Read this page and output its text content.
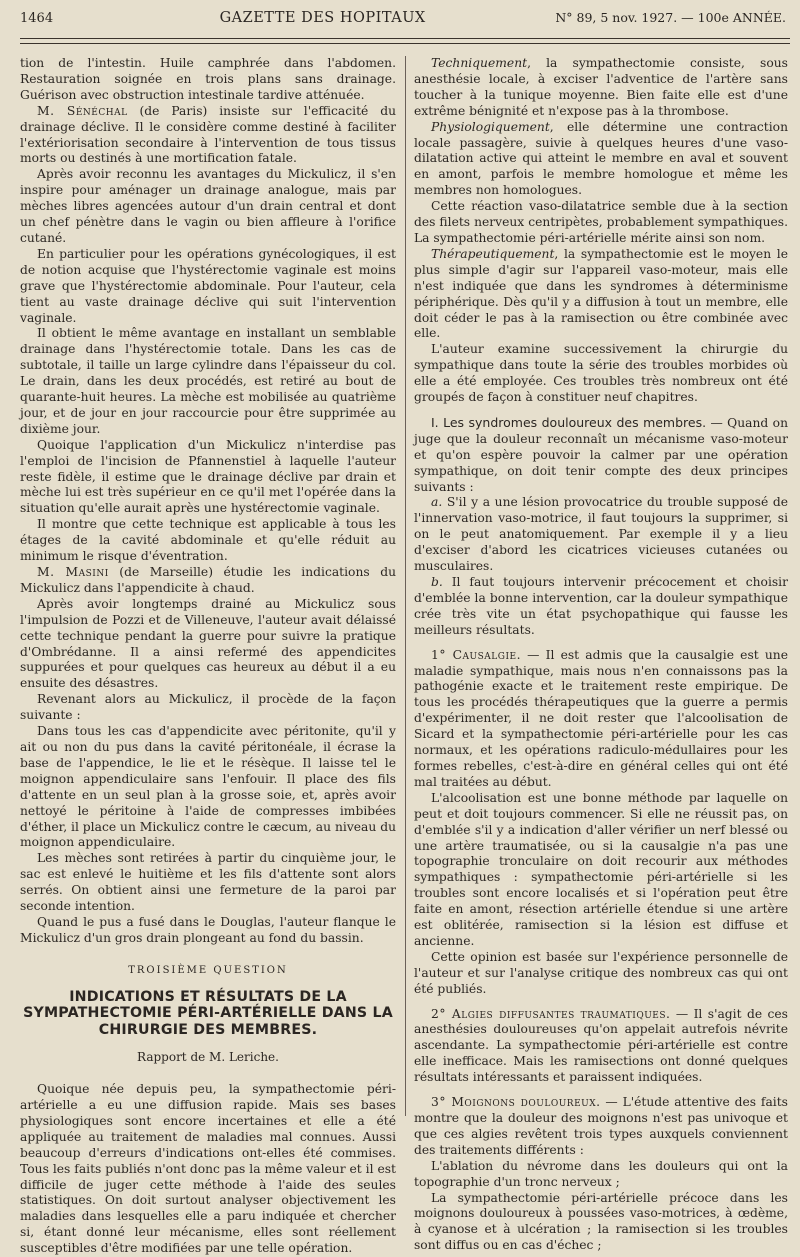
1464	GAZETTE DES HOPITAUX	N° 89, 5 nov. 1927. — 100e ANNÉE.

tion de l'intestin. Huile camphrée dans l'abdomen. Restauration soignée en trois plans sans drainage. Guérison avec obstruction intestinale tardive atténuée.

M. Sénéchal (de Paris) insiste sur l'efficacité du drainage déclive. Il le considère comme destiné à faciliter l'extériorisation secondaire à l'intervention de tous tissus morts ou destinés à une mortification fatale.

Après avoir reconnu les avantages du Mickulicz, il s'en inspire pour aménager un drainage analogue, mais par mèches libres agencées autour d'un drain central et dont un chef pénètre dans le vagin ou bien affleure à l'orifice cutané.

En particulier pour les opérations gynécologiques, il est de notion acquise que l'hystérectomie vaginale est moins grave que l'hystérectomie abdominale. Pour l'auteur, cela tient au vaste drainage déclive qui suit l'intervention vaginale.

Il obtient le même avantage en installant un semblable drainage dans l'hystérectomie totale. Dans les cas de subtotale, il taille un large cylindre dans l'épaisseur du col. Le drain, dans les deux procédés, est retiré au bout de quarante-huit heures. La mèche est mobilisée au quatrième jour, et de jour en jour raccourcie pour être supprimée au dixième jour.

Quoique l'application d'un Mickulicz n'interdise pas l'emploi de l'incision de Pfannenstiel à laquelle l'auteur reste fidèle, il estime que le drainage déclive par drain et mèche lui est très supérieur en ce qu'il met l'opérée dans la situation qu'elle aurait après une hystérectomie vaginale.

Il montre que cette technique est applicable à tous les étages de la cavité abdominale et qu'elle réduit au minimum le risque d'éventration.

M. Masini (de Marseille) étudie les indications du Mickulicz dans l'appendicite à chaud.

Après avoir longtemps drainé au Mickulicz sous l'impulsion de Pozzi et de Villeneuve, l'auteur avait délaissé cette technique pendant la guerre pour suivre la pratique d'Ombrédanne. Il a ainsi refermé des appendicites suppurées et pour quelques cas heureux au début il a eu ensuite des désastres.

Revenant alors au Mickulicz, il procède de la façon suivante :

Dans tous les cas d'appendicite avec péritonite, qu'il y ait ou non du pus dans la cavité péritonéale, il écrase la base de l'appendice, le lie et le résèque. Il laisse tel le moignon appendiculaire sans l'enfouir. Il place des fils d'attente en un seul plan à la grosse soie, et, après avoir nettoyé le péritoine à l'aide de compresses imbibées d'éther, il place un Mickulicz contre le cæcum, au niveau du moignon appendiculaire.

Les mèches sont retirées à partir du cinquième jour, le sac est enlevé le huitième et les fils d'attente sont alors serrés. On obtient ainsi une fermeture de la paroi par seconde intention.

Quand le pus a fusé dans le Douglas, l'auteur flanque le Mickulicz d'un gros drain plongeant au fond du bassin.

TROISIÈME QUESTION
INDICATIONS ET RÉSULTATS DE LA SYMPATHECTOMIE PÉRI-ARTÉRIELLE DANS LA CHIRURGIE DES MEMBRES.
Rapport de M. Leriche.

Quoique née depuis peu, la sympathectomie péri-artérielle a eu une diffusion rapide. Mais ses bases physiologiques sont encore incertaines et elle a été appliquée au traitement de maladies mal connues. Aussi beaucoup d'erreurs d'indications ont-elles été commises. Tous les faits publiés n'ont donc pas la même valeur et il est difficile de juger cette méthode à l'aide des seules statistiques. On doit surtout analyser objectivement les maladies dans lesquelles elle a paru indiquée et chercher si, étant donné leur mécanisme, elles sont réellement susceptibles d'être modifiées par une telle opération.

Techniquement, la sympathectomie consiste, sous anesthésie locale, à exciser l'adventice de l'artère sans toucher à la tunique moyenne. Bien faite elle est d'une extrême bénignité et n'expose pas à la thrombose.

Physiologiquement, elle détermine une contraction locale passagère, suivie à quelques heures d'une vaso-dilatation active qui atteint le membre en aval et souvent en amont, parfois le membre homologue et même les membres non homologues.

Cette réaction vaso-dilatatrice semble due à la section des filets nerveux centripètes, probablement sympathiques. La sympathectomie péri-artérielle mérite ainsi son nom.

Thérapeutiquement, la sympathectomie est le moyen le plus simple d'agir sur l'appareil vaso-moteur, mais elle n'est indiquée que dans les syndromes à déterminisme périphérique. Dès qu'il y a diffusion à tout un membre, elle doit céder le pas à la ramisection ou être combinée avec elle.

L'auteur examine successivement la chirurgie du sympathique dans toute la série des troubles morbides où elle a été employée. Ces troubles très nombreux ont été groupés de façon à constituer neuf chapitres.

I. Les syndromes douloureux des membres. — Quand on juge que la douleur reconnaît un mécanisme vaso-moteur et qu'on espère pouvoir la calmer par une opération sympathique, on doit tenir compte des deux principes suivants :

a. S'il y a une lésion provocatrice du trouble supposé de l'innervation vaso-motrice, il faut toujours la supprimer, si on le peut anatomiquement. Par exemple il y a lieu d'exciser d'abord les cicatrices vicieuses cutanées ou musculaires.

b. Il faut toujours intervenir précocement et choisir d'emblée la bonne intervention, car la douleur sympathique crée très vite un état psychopathique qui fausse les meilleurs résultats.

1° Causalgie. — Il est admis que la causalgie est une maladie sympathique, mais nous n'en connaissons pas la pathogénie exacte et le traitement reste empirique. De tous les procédés thérapeutiques que la guerre a permis d'expérimenter, il ne doit rester que l'alcoolisation de Sicard et la sympathectomie péri-artérielle pour les cas normaux, et les opérations radiculo-médullaires pour les formes rebelles, c'est-à-dire en général celles qui ont été mal traitées au début.

L'alcoolisation est une bonne méthode par laquelle on peut et doit toujours commencer. Si elle ne réussit pas, on d'emblée s'il y a indication d'aller vérifier un nerf blessé ou une artère traumatisée, ou si la causalgie n'a pas une topographie tronculaire on doit recourir aux méthodes sympathiques : sympathectomie péri-artérielle si les troubles sont encore localisés et si l'opération peut être faite en amont, résection artérielle étendue si une artère est oblitérée, ramisection si la lésion est diffuse et ancienne.

Cette opinion est basée sur l'expérience personnelle de l'auteur et sur l'analyse critique des nombreux cas qui ont été publiés.

2° Algies diffusantes traumatiques. — Il s'agit de ces anesthésies douloureuses qu'on appelait autrefois névrite ascendante. La sympathectomie péri-artérielle est contre elle inefficace. Mais les ramisections ont donné quelques résultats intéressants et paraissent indiquées.

3° Moignons douloureux. — L'étude attentive des faits montre que la douleur des moignons n'est pas univoque et que ces algies revêtent trois types auxquels conviennent des traitements différents :

L'ablation du névrome dans les douleurs qui ont la topographie d'un tronc nerveux ;

La sympathectomie péri-artérielle précoce dans les moignons douloureux à poussées vaso-motrices, à œdème, à cyanose et à ulcération ; la ramisection si les troubles sont diffus ou en cas d'échec ;
